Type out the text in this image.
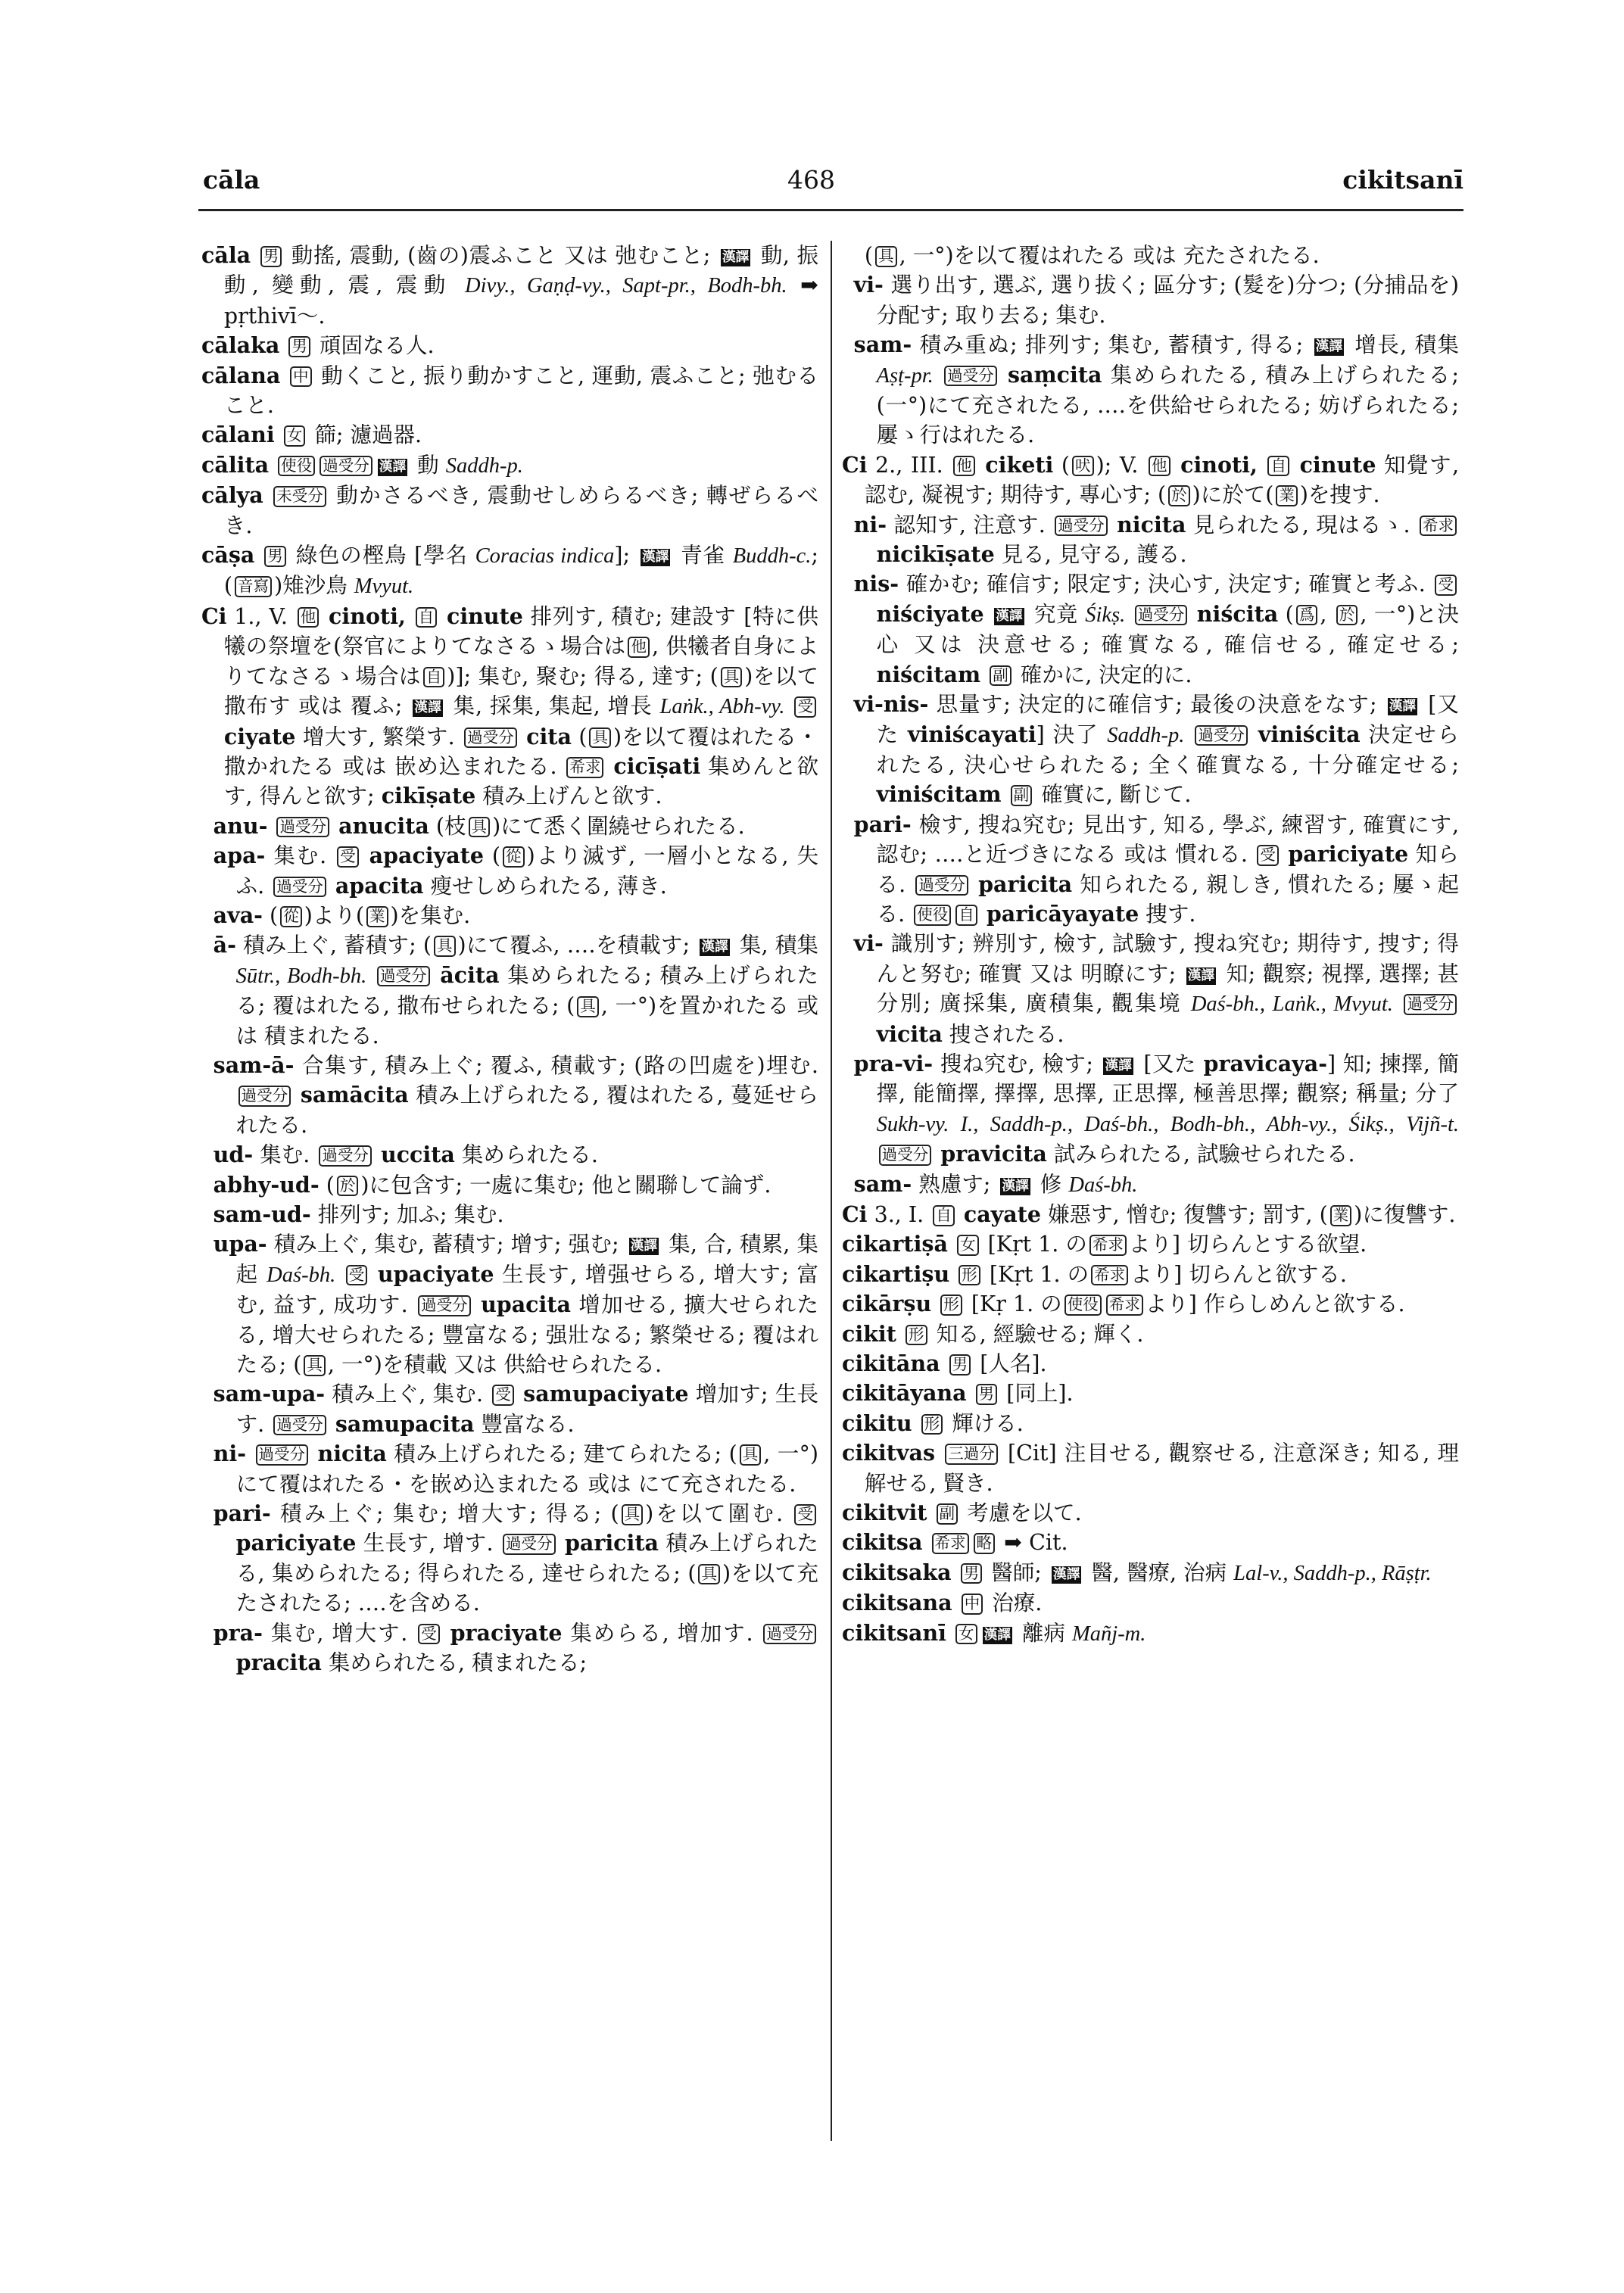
cāla	468	cikitsanī

cāla 男 動搖, 震動, (齒の)震ふこと 又は 弛むこと; 漢譯 動, 振動, 變動, 震, 震動 Divy., Gaṇḍ-vy., Sapt-pr., Bodh-bh. ➡ pṛthivī〜.

cālaka 男 頑固なる人.

cālana 中 動くこと, 振り動かすこと, 運動, 震ふこと; 弛むること.

cālani 女 篩; 濾過器.

cālita 使役 過受分 漢譯 動 Saddh-p.

cālya 未受分 動かさるべき, 震動せしめらるべき; 轉ぜらるべき.

cāṣa 男 綠色の樫鳥 [學名 Coracias indica]; 漢譯 青雀 Buddh-c.; ( 音寫 )雉沙鳥 Mvyut.

Ci 1., V. 他 cinoti, 自 cinute 排列す, 積む; 建設す [特に供犧の祭壇を(祭官によりてなさるゝ場合は 他 , 供犧者自身によりてなさるゝ場合は 自 )]; 集む, 聚む; 得る, 達す; ( 具 )を以て撒布す 或は 覆ふ; 漢譯 集, 採集, 集起, 增長 Laṅk., Abh-vy. 受 ciyate 增大す, 繁榮す. 過受分 cita ( 具 )を以て覆はれたる・撒かれたる 或は 嵌め込まれたる. 希求 cicīṣati 集めんと欲す, 得んと欲す; cikīṣate 積み上げんと欲す.

anu- 過受分 anucita (枝 具 )にて悉く圍繞せられたる.

apa- 集む. 受 apaciyate ( 從 )より滅ず, 一層小となる, 失ふ. 過受分 apacita 瘦せしめられたる, 薄き.

ava- ( 從 )より( 業 )を集む.

ā- 積み上ぐ, 蓄積す; ( 具 )にて覆ふ, ‥‥を積載す; 漢譯 集, 積集 Sūtr., Bodh-bh. 過受分 ācita 集められたる; 積み上げられたる; 覆はれたる, 撒布せられたる; ( 具 , 一°)を置かれたる 或は 積まれたる.

sam-ā- 合集す, 積み上ぐ; 覆ふ, 積載す; (路の凹處を)埋む. 過受分 samācita 積み上げられたる, 覆はれたる, 蔓延せられたる.

ud- 集む. 過受分 uccita 集められたる.

abhy-ud- ( 於 )に包含す; 一處に集む; 他と關聯して論ず.

sam-ud- 排列す; 加ふ; 集む.

upa- 積み上ぐ, 集む, 蓄積す; 增す; 强む; 漢譯 集, 合, 積累, 集起 Daś-bh. 受 upaciyate 生長す, 增强せらる, 增大す; 富む, 益す, 成功す. 過受分 upacita 增加せる, 擴大せられたる, 增大せられたる; 豐富なる; 强壯なる; 繁榮せる; 覆はれたる; ( 具 , 一°)を積載 又は 供給せられたる.

sam-upa- 積み上ぐ, 集む. 受 samupaciyate 增加す; 生長す. 過受分 samupacita 豐富なる.

ni- 過受分 nicita 積み上げられたる; 建てられたる; ( 具 , 一°)にて覆はれたる・を嵌め込まれたる 或は にて充されたる.

pari- 積み上ぐ; 集む; 增大す; 得る; ( 具 )を以て圍む. 受 pariciyate 生長す, 增す. 過受分 paricita 積み上げられたる, 集められたる; 得られたる, 達せられたる; ( 具 )を以て充たされたる; ‥‥を含める.

pra- 集む, 增大す. 受 praciyate 集めらる, 增加す. 過受分 pracita 集められたる, 積まれたる;

( 具 , 一°)を以て覆はれたる 或は 充たされたる.

vi- 選り出す, 選ぶ, 選り拔く; 區分す; (髮を)分つ; (分捕品を)分配す; 取り去る; 集む.

sam- 積み重ぬ; 排列す; 集む, 蓄積す, 得る; 漢譯 增長, 積集 Aṣṭ-pr. 過受分 saṃcita 集められたる, 積み上げられたる; (一°)にて充されたる, ‥‥を供給せられたる; 妨げられたる; 屢ゝ行はれたる.

Ci 2., III. 他 ciketi ( 吠 ); V. 他 cinoti, 自 cinute 知覺す, 認む, 凝視す; 期待す, 專心す; ( 於 )に於て( 業 )を捜す.

ni- 認知す, 注意す. 過受分 nicita 見られたる, 現はるゝ. 希求 nicikīṣate 見る, 見守る, 護る.

nis- 確かむ; 確信す; 限定す; 決心す, 決定す; 確實と考ふ. 受 niściyate 漢譯 究竟 Śikṣ. 過受分 niścita ( 爲 , 於 , 一°)と決心 又は 決意せる; 確實なる, 確信せる, 確定せる; niścitam 副 確かに, 決定的に.

vi-nis- 思量す; 決定的に確信す; 最後の決意をなす; 漢譯 [又た viniścayati] 決了 Saddh-p. 過受分 viniścita 決定せられたる, 決心せられたる; 全く確實なる, 十分確定せる; viniścitam 副 確實に, 斷じて.

pari- 檢す, 搜ね究む; 見出す, 知る, 學ぶ, 練習す, 確實にす, 認む; ‥‥と近づきになる 或は 慣れる. 受 pariciyate 知らる. 過受分 paricita 知られたる, 親しき, 慣れたる; 屢ゝ起る. 使役 自 paricāyayate 捜す.

vi- 識別す; 辨別す, 檢す, 試驗す, 搜ね究む; 期待す, 捜す; 得んと努む; 確實 又は 明瞭にす; 漢譯 知; 觀察; 視擇, 選擇; 甚分別; 廣採集, 廣積集, 觀集境 Daś-bh., Laṅk., Mvyut. 過受分 vicita 捜されたる.

pra-vi- 搜ね究む, 檢す; 漢譯 [又た pravicaya-] 知; 揀擇, 簡擇, 能簡擇, 擇擇, 思擇, 正思擇, 極善思擇; 觀察; 稱量; 分了 Sukh-vy. I., Saddh-p., Daś-bh., Bodh-bh., Abh-vy., Śikṣ., Vijñ-t. 過受分 pravicita 試みられたる, 試驗せられたる.

sam- 熟慮す; 漢譯 修 Daś-bh.

Ci 3., I. 自 cayate 嫌惡す, 憎む; 復讐す; 罰す, ( 業 )に復讐す.

cikartiṣā 女 [Kṛt 1. の 希求 より] 切らんとする欲望.

cikartiṣu 形 [Kṛt 1. の 希求 より] 切らんと欲する.

cikārṣu 形 [Kṛ 1. の 使役 希求 より] 作らしめんと欲する.

cikit 形 知る, 經驗せる; 輝く.

cikitāna 男 [人名].

cikitāyana 男 [同上].

cikitu 形 輝ける.

cikitvas 三過分 [Cit] 注目せる, 觀察せる, 注意深き; 知る, 理解せる, 賢き.

cikitvit 副 考慮を以て.

cikitsa 希求 略 ➡ Cit.

cikitsaka 男 醫師; 漢譯 醫, 醫療, 治病 Lal-v., Saddh-p., Rāṣṭr.

cikitsana 中 治療.

cikitsanī 女 漢譯 離病 Mañj-m.
